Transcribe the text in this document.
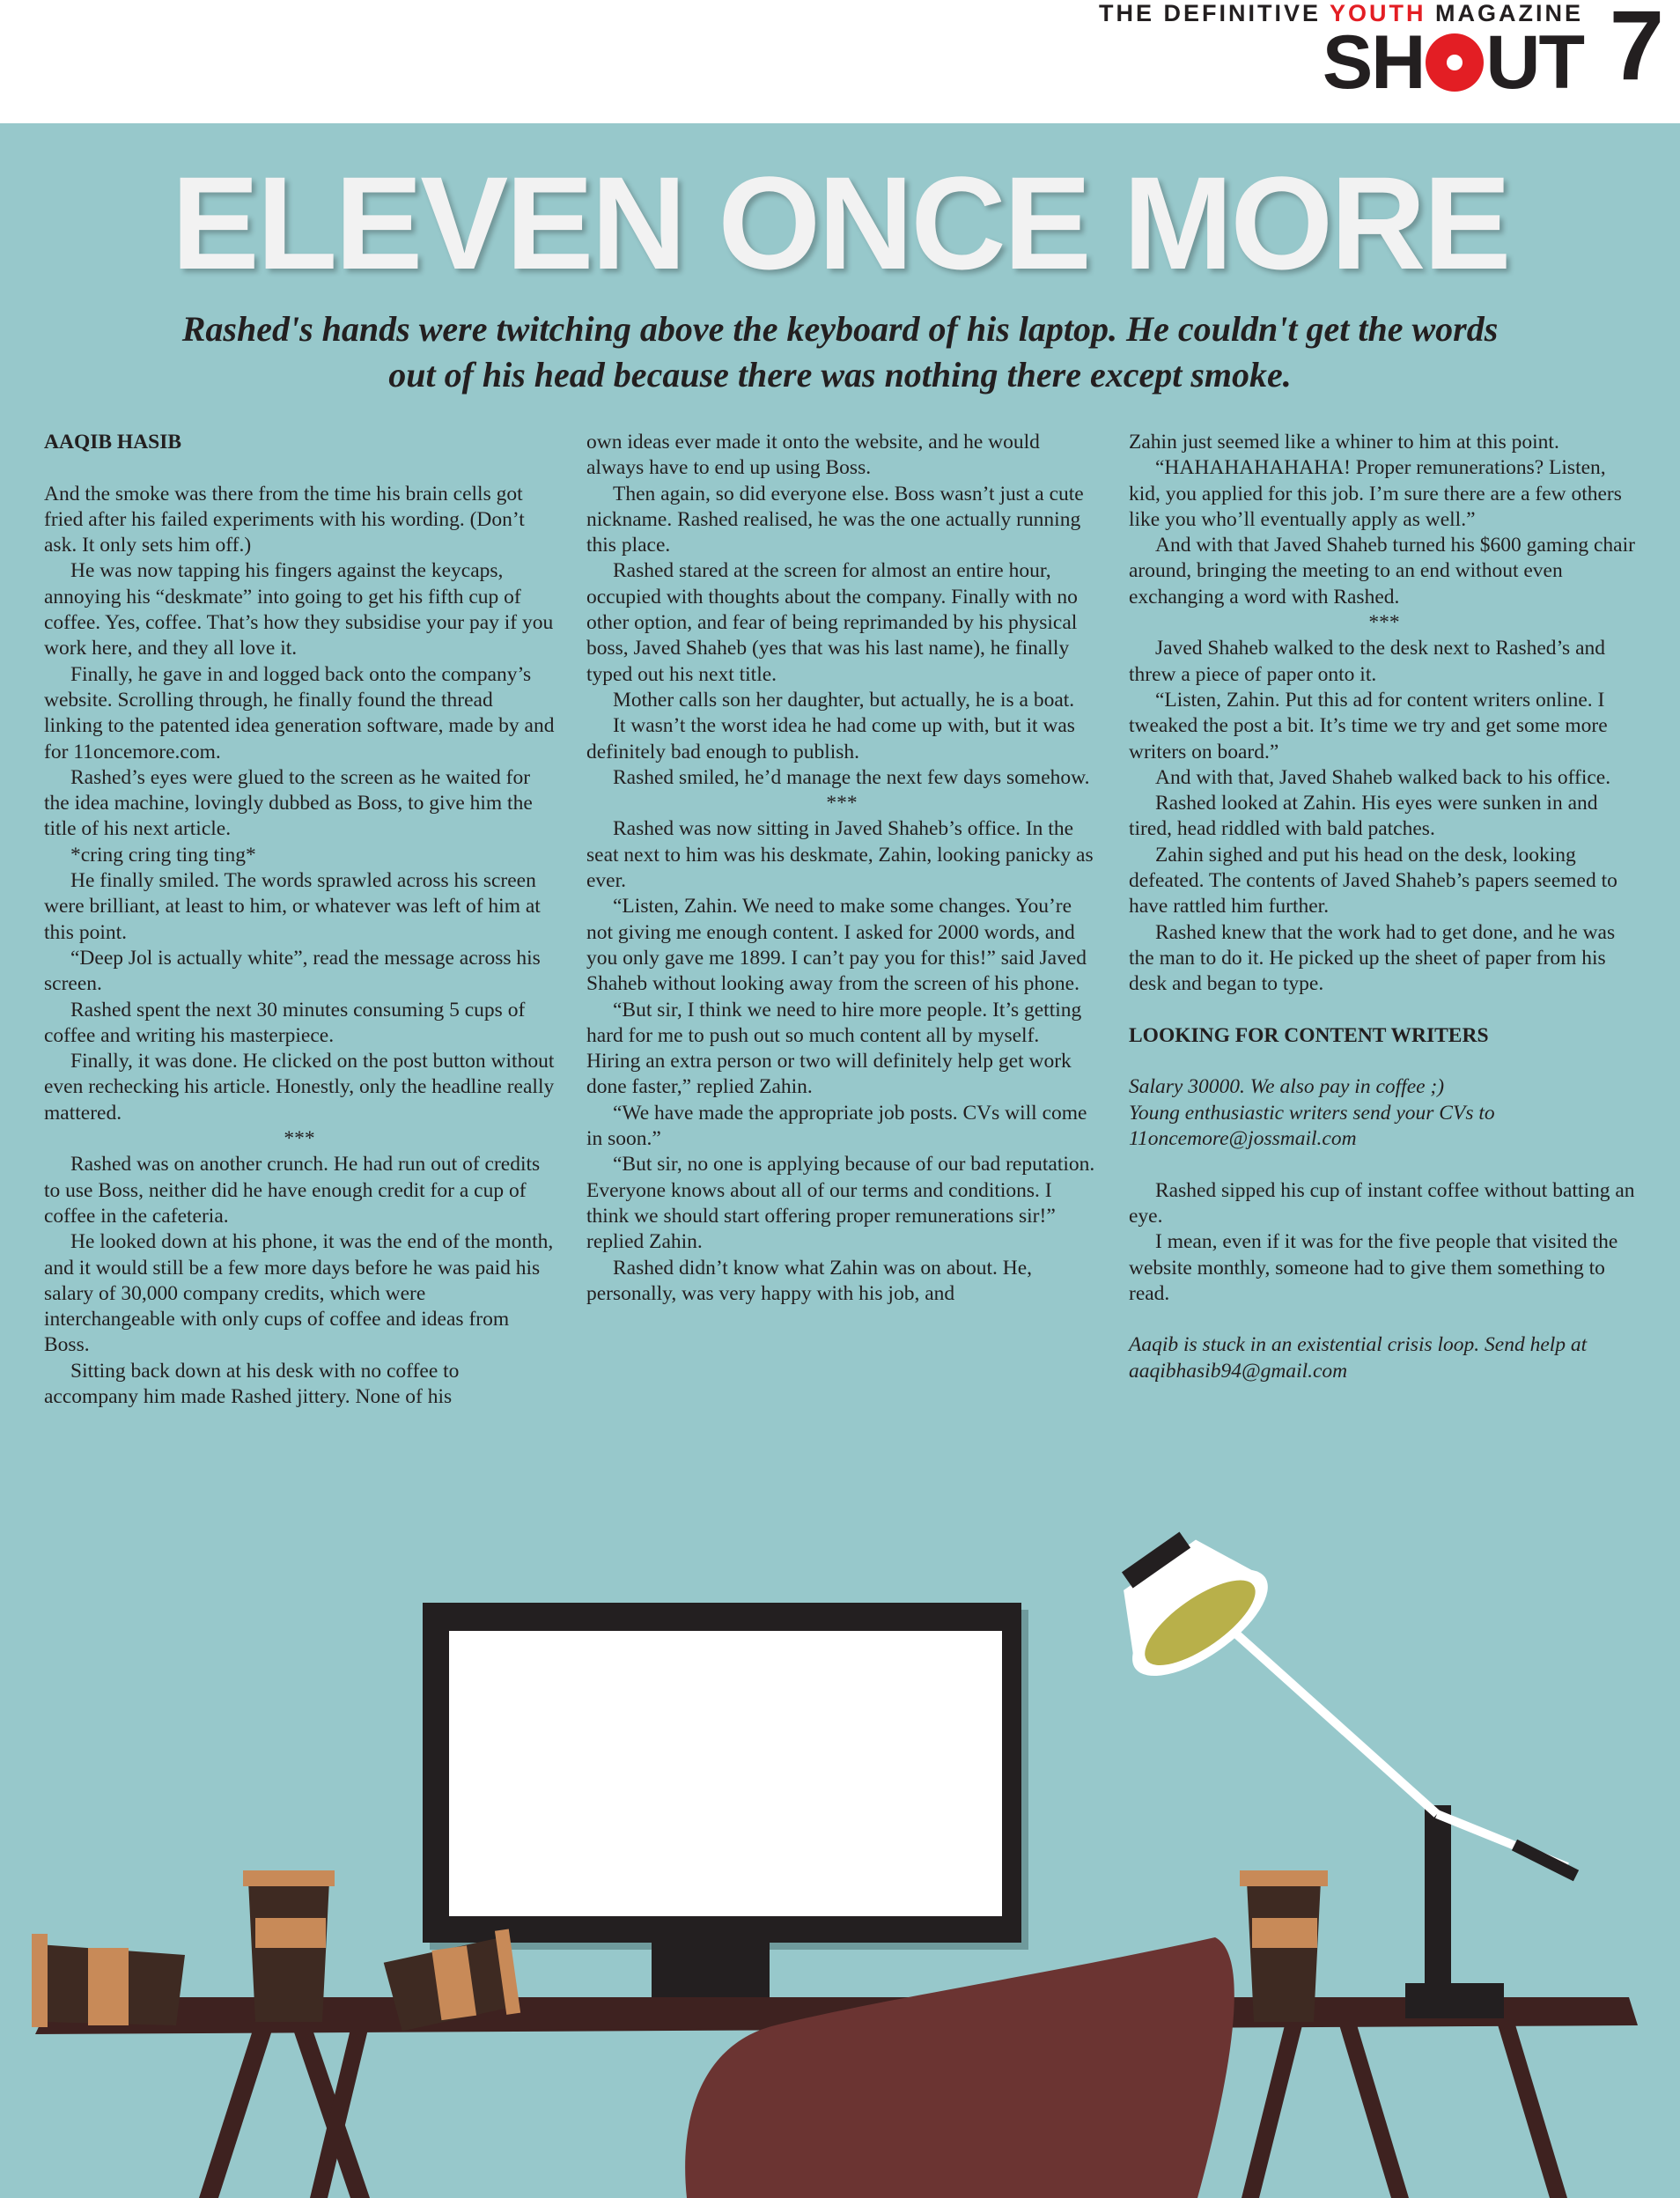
THE DEFINITIVE YOUTH MAGAZINE
SH UT 7
ELEVEN ONCE MORE
Rashed's hands were twitching above the keyboard of his laptop. He couldn't get the words out of his head because there was nothing there except smoke.

AAQIB HASIB

And the smoke was there from the time his brain cells got fried after his failed experiments with his wording. (Don’t ask. It only sets him off.)

He was now tapping his fingers against the keycaps, annoying his “deskmate” into going to get his fifth cup of coffee. Yes, coffee. That’s how they subsidise your pay if you work here, and they all love it.

Finally, he gave in and logged back onto the company’s website. Scrolling through, he finally found the thread linking to the patented idea generation software, made by and for 11oncemore.com.

Rashed’s eyes were glued to the screen as he waited for the idea machine, lovingly dubbed as Boss, to give him the title of his next article.

*cring cring ting ting*

He finally smiled. The words sprawled across his screen were brilliant, at least to him, or whatever was left of him at this point.

“Deep Jol is actually white”, read the message across his screen.

Rashed spent the next 30 minutes consuming 5 cups of coffee and writing his masterpiece.

Finally, it was done. He clicked on the post button without even rechecking his article. Honestly, only the headline really mattered.

***

Rashed was on another crunch. He had run out of credits to use Boss, neither did he have enough credit for a cup of coffee in the cafeteria.

He looked down at his phone, it was the end of the month, and it would still be a few more days before he was paid his salary of 30,000 company credits, which were interchangeable with only cups of coffee and ideas from Boss.

Sitting back down at his desk with no coffee to accompany him made Rashed jittery. None of his

own ideas ever made it onto the website, and he would always have to end up using Boss.

Then again, so did everyone else. Boss wasn’t just a cute nickname. Rashed realised, he was the one actually running this place.

Rashed stared at the screen for almost an entire hour, occupied with thoughts about the company. Finally with no other option, and fear of being reprimanded by his physical boss, Javed Shaheb (yes that was his last name), he finally typed out his next title.

Mother calls son her daughter, but actually, he is a boat.

It wasn’t the worst idea he had come up with, but it was definitely bad enough to publish.

Rashed smiled, he’d manage the next few days somehow.

***

Rashed was now sitting in Javed Shaheb’s office. In the seat next to him was his deskmate, Zahin, looking panicky as ever.

“Listen, Zahin. We need to make some changes. You’re not giving me enough content. I asked for 2000 words, and you only gave me 1899. I can’t pay you for this!” said Javed Shaheb without looking away from the screen of his phone.

“But sir, I think we need to hire more people. It’s getting hard for me to push out so much content all by myself. Hiring an extra person or two will definitely help get work done faster,” replied Zahin.

“We have made the appropriate job posts. CVs will come in soon.”

“But sir, no one is applying because of our bad reputation. Everyone knows about all of our terms and conditions. I think we should start offering proper remunerations sir!” replied Zahin.

Rashed didn’t know what Zahin was on about. He, personally, was very happy with his job, and

Zahin just seemed like a whiner to him at this point.

“HAHAHAHAHAHA! Proper remunerations? Listen, kid, you applied for this job. I’m sure there are a few others like you who’ll eventually apply as well.”

And with that Javed Shaheb turned his $600 gaming chair around, bringing the meeting to an end without even exchanging a word with Rashed.

***

Javed Shaheb walked to the desk next to Rashed’s and threw a piece of paper onto it.

“Listen, Zahin. Put this ad for content writers online. I tweaked the post a bit. It’s time we try and get some more writers on board.”

And with that, Javed Shaheb walked back to his office.

Rashed looked at Zahin. His eyes were sunken in and tired, head riddled with bald patches.

Zahin sighed and put his head on the desk, looking defeated. The contents of Javed Shaheb’s papers seemed to have rattled him further.

Rashed knew that the work had to get done, and he was the man to do it. He picked up the sheet of paper from his desk and began to type.

LOOKING FOR CONTENT WRITERS

Salary 30000. We also pay in coffee ;)

Young enthusiastic writers send your CVs to 11oncemore@jossmail.com

Rashed sipped his cup of instant coffee without batting an eye.

I mean, even if it was for the five people that visited the website monthly, someone had to give them something to read.

Aaqib is stuck in an existential crisis loop. Send help at aaqibhasib94@gmail.com
